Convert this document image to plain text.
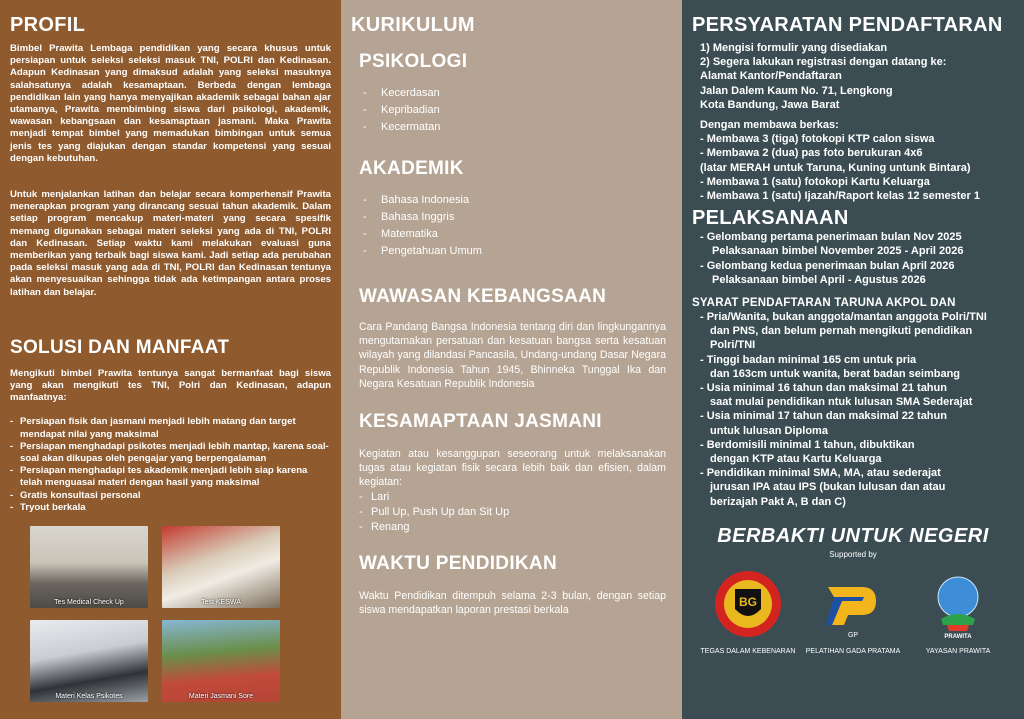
PROFIL

Bimbel Prawita Lembaga pendidikan yang secara khusus untuk persiapan untuk seleksi seleksi masuk TNI, POLRI dan Kedinasan. Adapun Kedinasan yang dimaksud adalah yang seleksi masuknya salahsatunya adalah kesamaptaan. Berbeda dengan lembaga pendidikan lain yang hanya menyajikan akademik sebagai bahan ajar utamanya, Prawita membimbing siswa dari psikologi, akademik, wawasan kebangsaan dan kesamaptaan jasmani. Maka Prawita menjadi tempat bimbel yang memadukan bimbingan untuk semua jenis tes yang diajukan dengan standar kompetensi yang sesuai dengan kebutuhan.

Untuk menjalankan latihan dan belajar secara komperhensif Prawita menerapkan program yang dirancang sesuai tahun akademik. Dalam setiap program mencakup materi-materi yang secara spesifik memang digunakan sebagai materi seleksi yang ada di TNI, POLRI dan Kedinasan. Setiap waktu kami melakukan evaluasi guna memberikan yang terbaik bagi siswa kami. Jadi setiap ada perubahan pada seleksi masuk yang ada di TNI, POLRI dan Kedinasan tentunya akan menyesuaikan sehingga tidak ada ketimpangan antara proses latihan dan belajar.

SOLUSI DAN MANFAAT

Mengikuti bimbel Prawita tentunya sangat bermanfaat bagi siswa yang akan mengikuti tes TNI, Polri dan Kedinasan, adapun manfaatnya:

- Persiapan fisik dan jasmani menjadi lebih matang dan target mendapat nilai yang maksimal
- Persiapan menghadapi psikotes menjadi lebih mantap, karena soal-soal akan dikupas oleh pengajar yang berpengalaman
- Persiapan menghadapi tes akademik menjadi lebih siap karena telah menguasai materi dengan hasil yang maksimal
- Gratis konsultasi personal
- Tryout berkala
Tes Medical Check Up	Test KESWA
Materi Kelas Psikotes	Materi Jasmani Sore
KURIKULUM
PSIKOLOGI
- Kecerdasan
- Kepribadian
- Kecermatan
AKADEMIK
- Bahasa Indonesia
- Bahasa Inggris
- Matematika
- Pengetahuan Umum
WAWASAN KEBANGSAAN

Cara Pandang Bangsa Indonesia tentang diri dan lingkungannya mengutamakan persatuan dan kesatuan bangsa serta kesatuan wilayah yang dilandasi Pancasila, Undang-undang Dasar Negara Republik Indonesia Tahun 1945, Bhinneka Tunggal Ika dan Negara Kesatuan Republik Indonesia

KESAMAPTAAN JASMANI

Kegiatan atau kesanggupan seseorang untuk melaksanakan tugas atau kegiatan fisik secara lebih baik dan efisien, dalam kegiatan:

- Lari
- Pull Up, Push Up dan Sit Up
- Renang
WAKTU PENDIDIKAN

Waktu Pendidikan ditempuh selama 2-3 bulan, dengan setiap siswa mendapatkan laporan prestasi berkala

PERSYARATAN PENDAFTARAN

1) Mengisi formulir yang disediakan

2) Segera lakukan registrasi dengan datang ke:

Alamat Kantor/Pendaftaran

Jalan Dalem Kaum No. 71, Lengkong

Kota Bandung, Jawa Barat

Dengan membawa berkas:

- Membawa 3 (tiga) fotokopi KTP calon siswa

- Membawa 2 (dua) pas foto berukuran 4x6

(latar MERAH untuk Taruna, Kuning untunk Bintara)

- Membawa 1 (satu) fotokopi Kartu Keluarga

- Membawa 1 (satu) Ijazah/Raport kelas 12 semester 1

PELAKSANAAN

- Gelombang pertama penerimaan bulan Nov 2025

Pelaksanaan bimbel November 2025 - April 2026

- Gelombang kedua penerimaan bulan April 2026

Pelaksanaan bimbel April - Agustus 2026

SYARAT PENDAFTARAN TARUNA AKPOL DAN

- Pria/Wanita, bukan anggota/mantan anggota Polri/TNI

dan PNS, dan belum pernah mengikuti pendidikan

Polri/TNI

- Tinggi badan minimal 165 cm untuk pria

dan 163cm untuk wanita, berat badan seimbang

- Usia minimal 16 tahun dan maksimal 21 tahun

saat mulai pendidikan ntuk lulusan SMA Sederajat

- Usia minimal 17 tahun dan maksimal 22 tahun

untuk lulusan Diploma

- Berdomisili minimal 1 tahun, dibuktikan

dengan KTP atau Kartu Keluarga

- Pendidikan minimal SMA, MA, atau sederajat

jurusan IPA atau IPS (bukan lulusan dan atau

berizajah Pakt A, B dan C)

BERBAKTI UNTUK NEGERI
Supported by
BG
TEGAS DALAM KEBENARAN
GP
PELATIHAN GADA PRATAMA
PRAWITA
YAYASAN PRAWITA
